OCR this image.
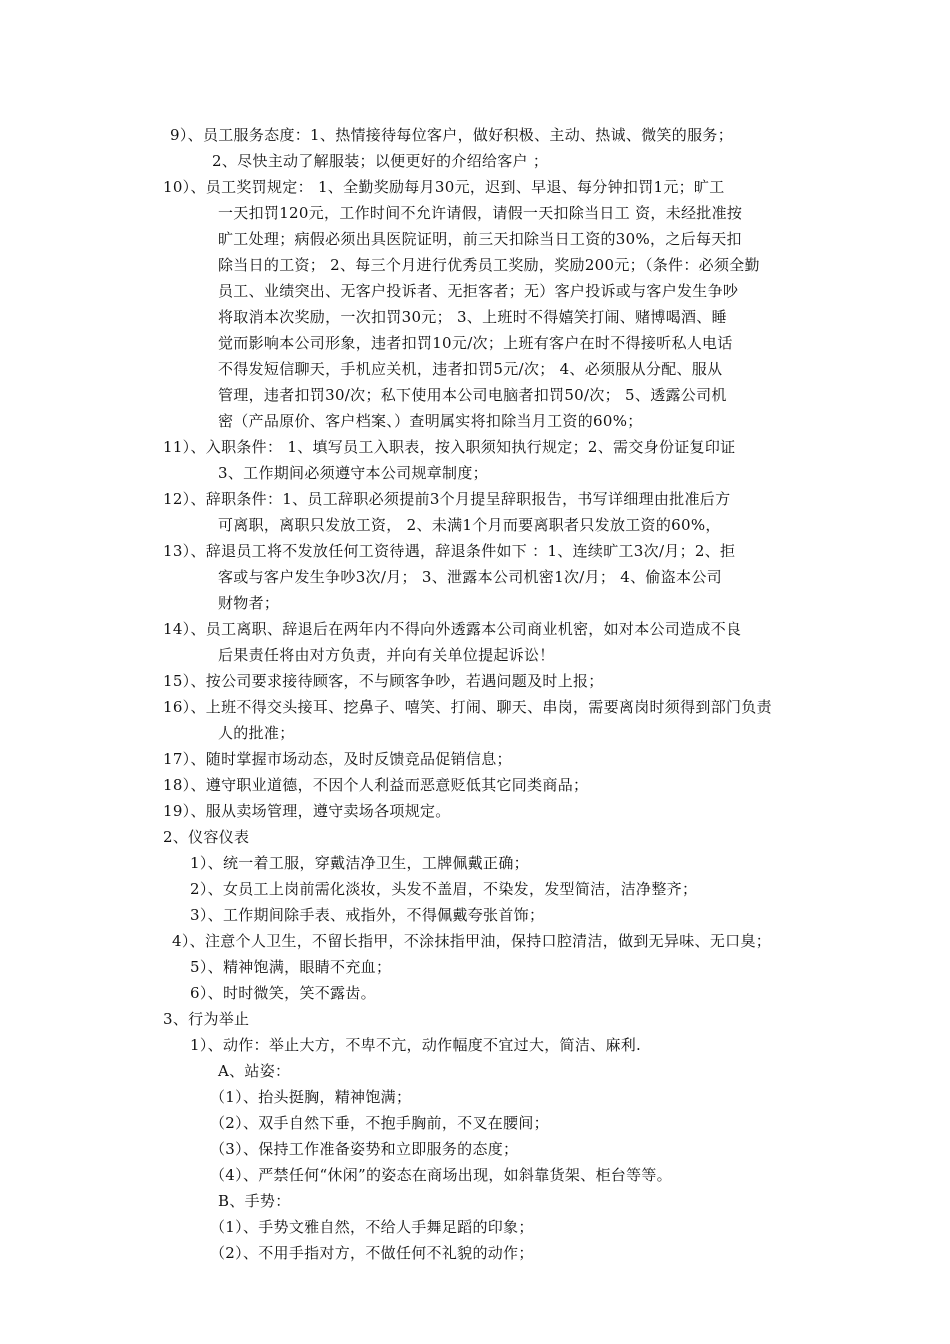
9）、员工服务态度：1、热情接待每位客户，做好积极、主动、热诚、微笑的服务；
2、尽快主动了解服装；以便更好的介绍给客户 ；
10）、员工奖罚规定： 1、全勤奖励每月30元，迟到、早退、每分钟扣罚1元；旷工
一天扣罚120元，工作时间不允许请假，请假一天扣除当日工 资，未经批准按
旷工处理；病假必须出具医院证明，前三天扣除当日工资的30%，之后每天扣
除当日的工资； 2、每三个月进行优秀员工奖励，奖励200元；（条件：必须全勤
员工、业绩突出、无客户投诉者、无拒客者；无）客户投诉或与客户发生争吵
将取消本次奖励，一次扣罚30元； 3、上班时不得嬉笑打闹、赌博喝酒、睡
觉而影响本公司形象，违者扣罚10元/次；上班有客户在时不得接听私人电话
不得发短信聊天，手机应关机，违者扣罚5元/次； 4、必须服从分配、服从
管理，违者扣罚30/次；私下使用本公司电脑者扣罚50/次； 5、透露公司机
密（产品原价、客户档案、）查明属实将扣除当月工资的60%；
11）、入职条件： 1、填写员工入职表，按入职须知执行规定；2、需交身份证复印证
3、工作期间必须遵守本公司规章制度；
12）、辞职条件：1、员工辞职必须提前3个月提呈辞职报告，书写详细理由批准后方
可离职，离职只发放工资， 2、未满1个月而要离职者只发放工资的60%，
13）、辞退员工将不发放任何工资待遇，辞退条件如下 ：1、连续旷工3次/月；2、拒
客或与客户发生争吵3次/月； 3、泄露本公司机密1次/月； 4、偷盗本公司
财物者；
14）、员工离职、辞退后在两年内不得向外透露本公司商业机密，如对本公司造成不良
后果责任将由对方负责，并向有关单位提起诉讼！
15）、按公司要求接待顾客，不与顾客争吵，若遇问题及时上报；
16）、上班不得交头接耳、挖鼻子、嘻笑、打闹、聊天、串岗，需要离岗时须得到部门负责
人的批准；
17）、随时掌握市场动态，及时反馈竞品促销信息；
18）、遵守职业道德，不因个人利益而恶意贬低其它同类商品；
19）、服从卖场管理，遵守卖场各项规定。
2、仪容仪表
1）、统一着工服，穿戴洁净卫生，工牌佩戴正确；
2）、女员工上岗前需化淡妆，头发不盖眉，不染发，发型简洁，洁净整齐；
3）、工作期间除手表、戒指外，不得佩戴夸张首饰；
4）、注意个人卫生，不留长指甲，不涂抹指甲油，保持口腔清洁，做到无异味、无口臭；
5）、精神饱满，眼睛不充血；
6）、时时微笑，笑不露齿。
3、行为举止
1）、动作：举止大方，不卑不亢，动作幅度不宜过大，简洁、麻利.
A、站姿：
（1）、抬头挺胸，精神饱满；
（2）、双手自然下垂，不抱手胸前，不叉在腰间；
（3）、保持工作准备姿势和立即服务的态度；
（4）、严禁任何“休闲”的姿态在商场出现，如斜靠货架、柜台等等。
B、手势：
（1）、手势文雅自然，不给人手舞足蹈的印象；
（2）、不用手指对方，不做任何不礼貌的动作；
